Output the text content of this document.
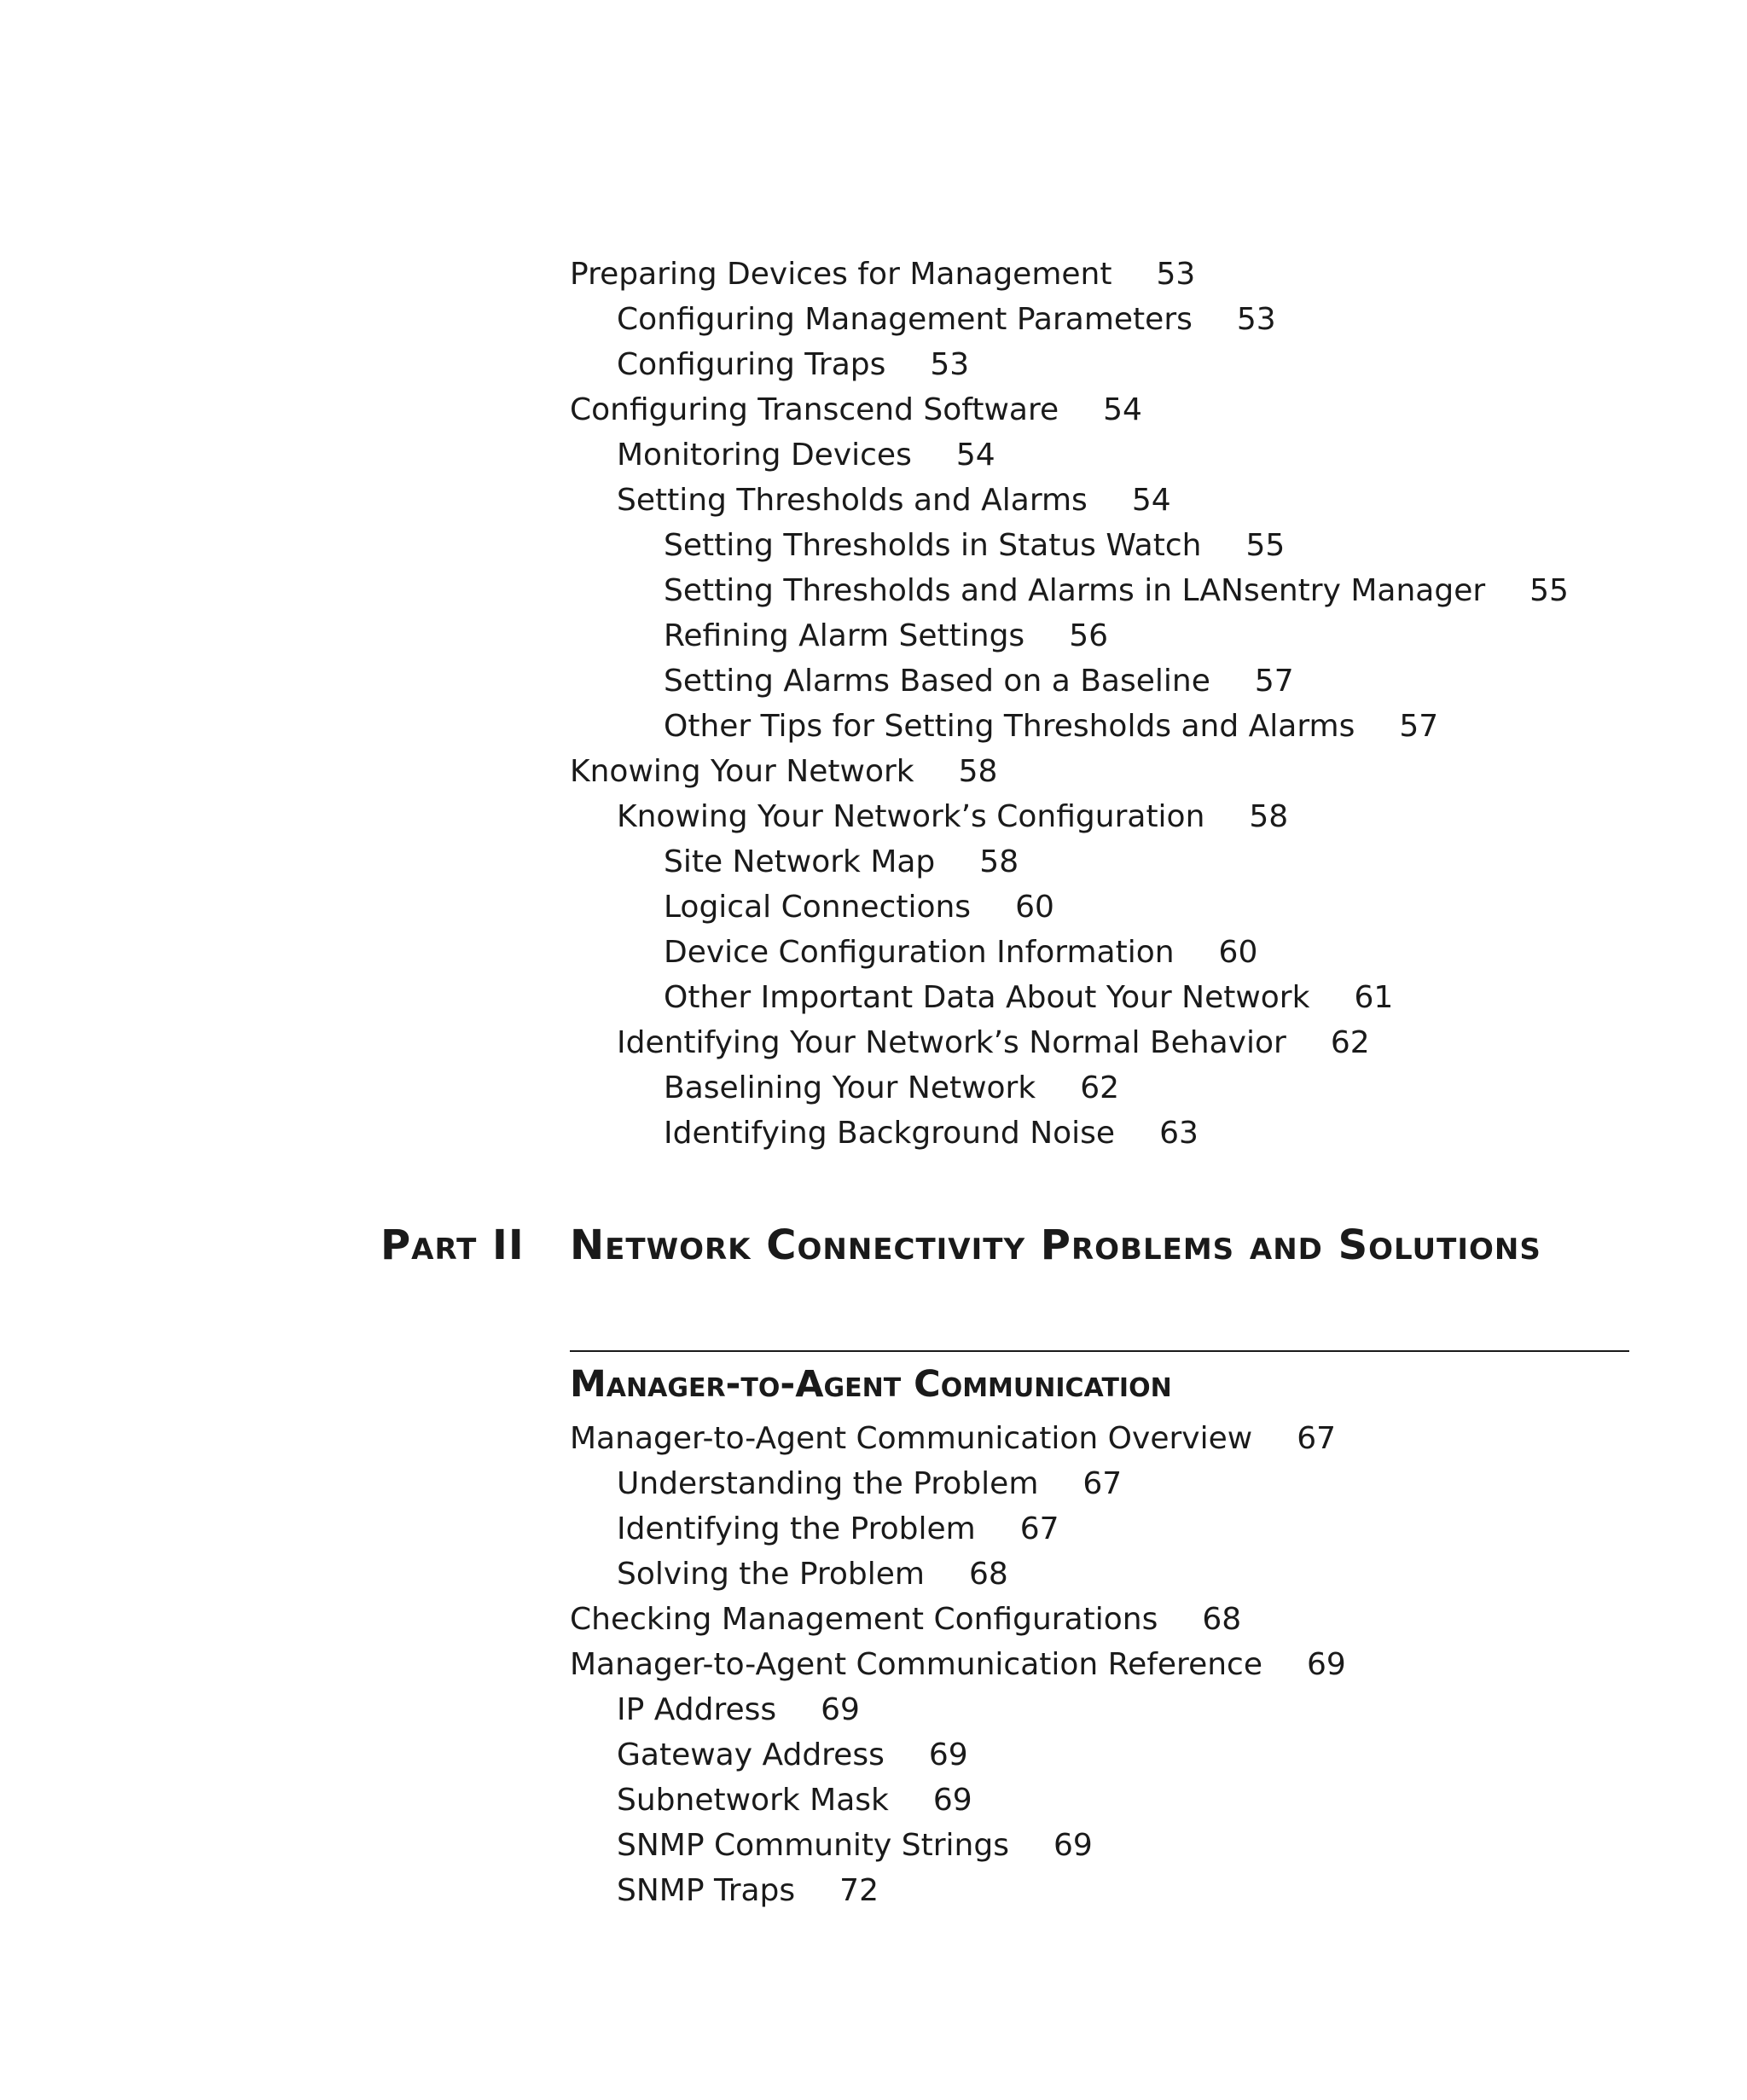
Preparing Devices for Management 53
Configuring Management Parameters 53
Configuring Traps 53
Configuring Transcend Software 54
Monitoring Devices 54
Setting Thresholds and Alarms 54
Setting Thresholds in Status Watch 55
Setting Thresholds and Alarms in LANsentry Manager 55
Refining Alarm Settings 56
Setting Alarms Based on a Baseline 57
Other Tips for Setting Thresholds and Alarms 57
Knowing Your Network 58
Knowing Your Network’s Configuration 58
Site Network Map 58
Logical Connections 60
Device Configuration Information 60
Other Important Data About Your Network 61
Identifying Your Network’s Normal Behavior 62
Baselining Your Network 62
Identifying Background Noise 63
Part II Network Connectivity Problems and Solutions
Manager-to-Agent Communication
Manager-to-Agent Communication Overview 67
Understanding the Problem 67
Identifying the Problem 67
Solving the Problem 68
Checking Management Configurations 68
Manager-to-Agent Communication Reference 69
IP Address 69
Gateway Address 69
Subnetwork Mask 69
SNMP Community Strings 69
SNMP Traps 72
